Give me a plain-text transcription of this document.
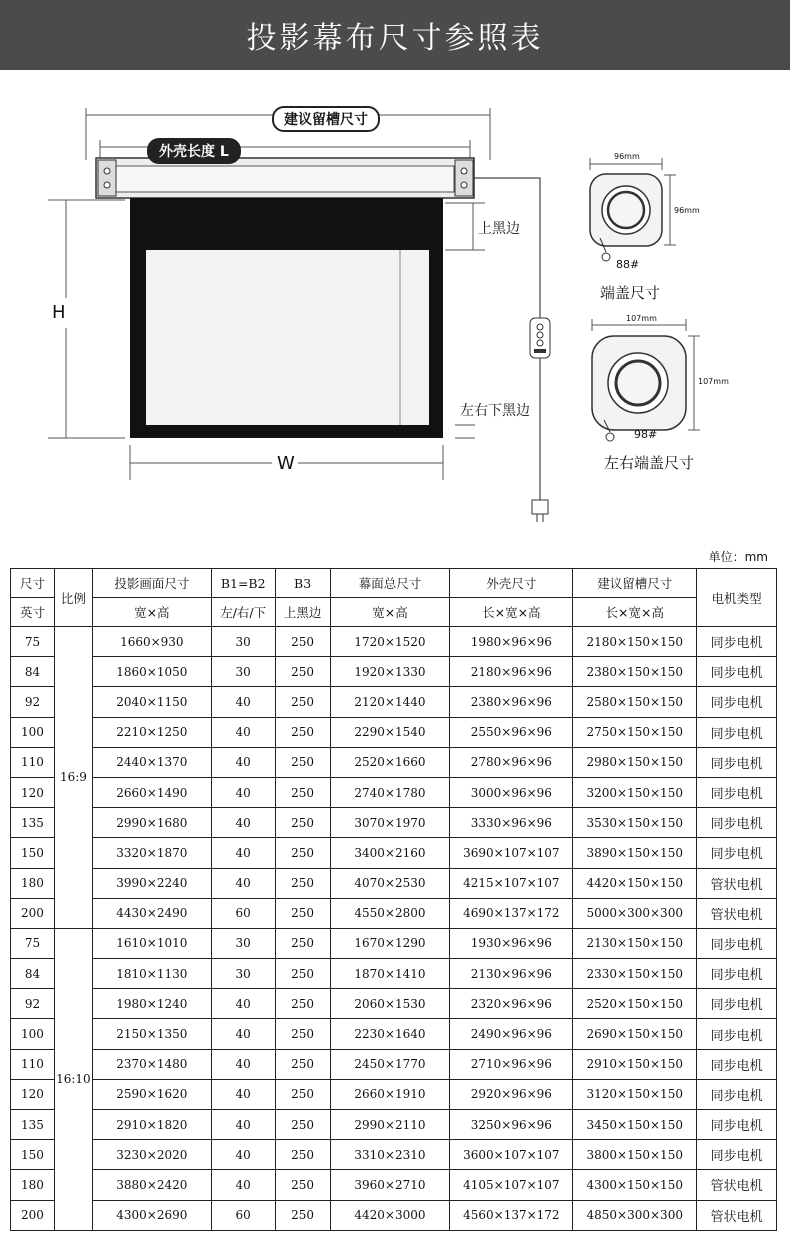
投影幕布尺寸参照表
建议留槽尺寸
外壳长度 L
上黑边
左右下黑边
H
W
96mm
96mm
88#
端盖尺寸
107mm
107mm
98#
左右端盖尺寸
单位：mm
尺寸	比例	投影画面尺寸	B1=B2	B3	幕面总尺寸	外壳尺寸	建议留槽尺寸	电机类型
英寸		宽×高	左/右/下	上黑边	宽×高	长×宽×高	长×宽×高	
75	16:9	1660×930	30	250	1720×1520	1980×96×96	2180×150×150	同步电机
84		1860×1050	30	250	1920×1330	2180×96×96	2380×150×150	同步电机
92		2040×1150	40	250	2120×1440	2380×96×96	2580×150×150	同步电机
100		2210×1250	40	250	2290×1540	2550×96×96	2750×150×150	同步电机
110		2440×1370	40	250	2520×1660	2780×96×96	2980×150×150	同步电机
120		2660×1490	40	250	2740×1780	3000×96×96	3200×150×150	同步电机
135		2990×1680	40	250	3070×1970	3330×96×96	3530×150×150	同步电机
150		3320×1870	40	250	3400×2160	3690×107×107	3890×150×150	同步电机
180		3990×2240	40	250	4070×2530	4215×107×107	4420×150×150	管状电机
200		4430×2490	60	250	4550×2800	4690×137×172	5000×300×300	管状电机
75	16:10	1610×1010	30	250	1670×1290	1930×96×96	2130×150×150	同步电机
84		1810×1130	30	250	1870×1410	2130×96×96	2330×150×150	同步电机
92		1980×1240	40	250	2060×1530	2320×96×96	2520×150×150	同步电机
100		2150×1350	40	250	2230×1640	2490×96×96	2690×150×150	同步电机
110		2370×1480	40	250	2450×1770	2710×96×96	2910×150×150	同步电机
120		2590×1620	40	250	2660×1910	2920×96×96	3120×150×150	同步电机
135		2910×1820	40	250	2990×2110	3250×96×96	3450×150×150	同步电机
150		3230×2020	40	250	3310×2310	3600×107×107	3800×150×150	同步电机
180		3880×2420	40	250	3960×2710	4105×107×107	4300×150×150	管状电机
200		4300×2690	60	250	4420×3000	4560×137×172	4850×300×300	管状电机
